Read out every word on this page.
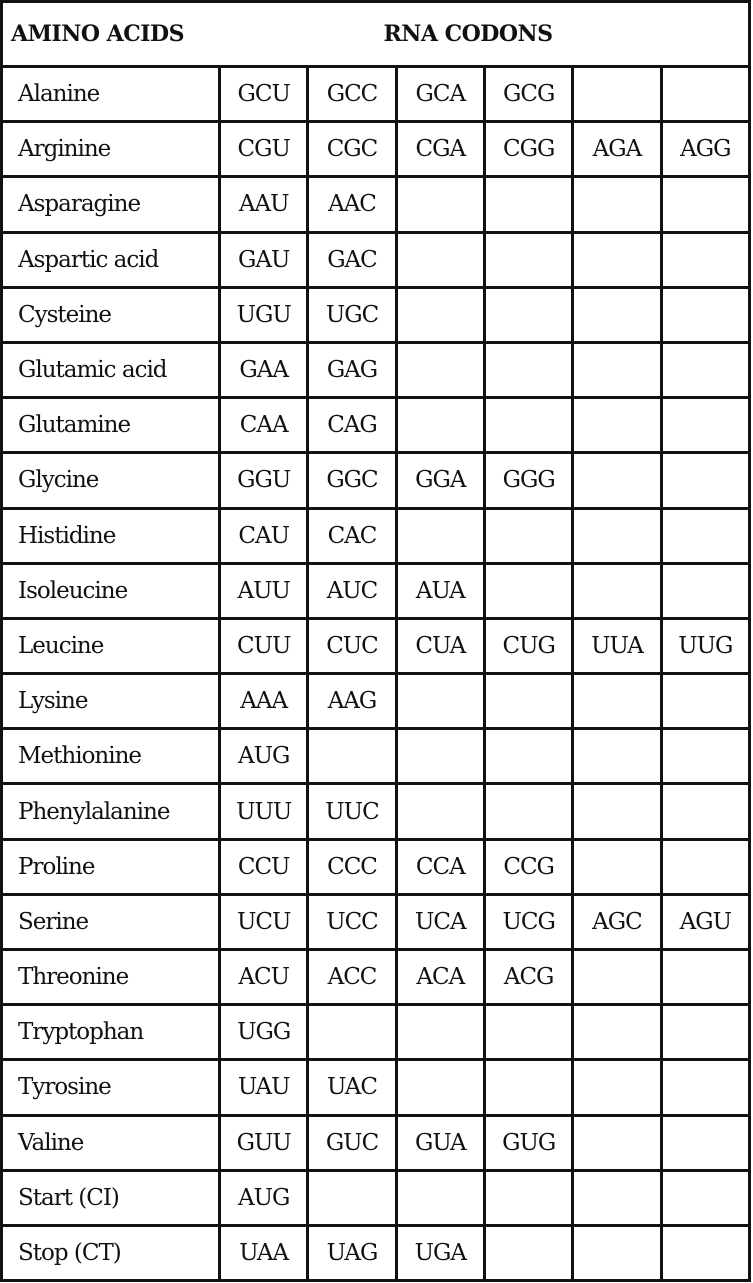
AMINO ACIDS	RNA CODONS					
Alanine	GCU	GCC	GCA	GCG		
Arginine	CGU	CGC	CGA	CGG	AGA	AGG
Asparagine	AAU	AAC				
Aspartic acid	GAU	GAC				
Cysteine	UGU	UGC				
Glutamic acid	GAA	GAG				
Glutamine	CAA	CAG				
Glycine	GGU	GGC	GGA	GGG		
Histidine	CAU	CAC				
Isoleucine	AUU	AUC	AUA			
Leucine	CUU	CUC	CUA	CUG	UUA	UUG
Lysine	AAA	AAG				
Methionine	AUG					
Phenylalanine	UUU	UUC				
Proline	CCU	CCC	CCA	CCG		
Serine	UCU	UCC	UCA	UCG	AGC	AGU
Threonine	ACU	ACC	ACA	ACG		
Tryptophan	UGG					
Tyrosine	UAU	UAC				
Valine	GUU	GUC	GUA	GUG		
Start (CI)	AUG					
Stop (CT)	UAA	UAG	UGA			
